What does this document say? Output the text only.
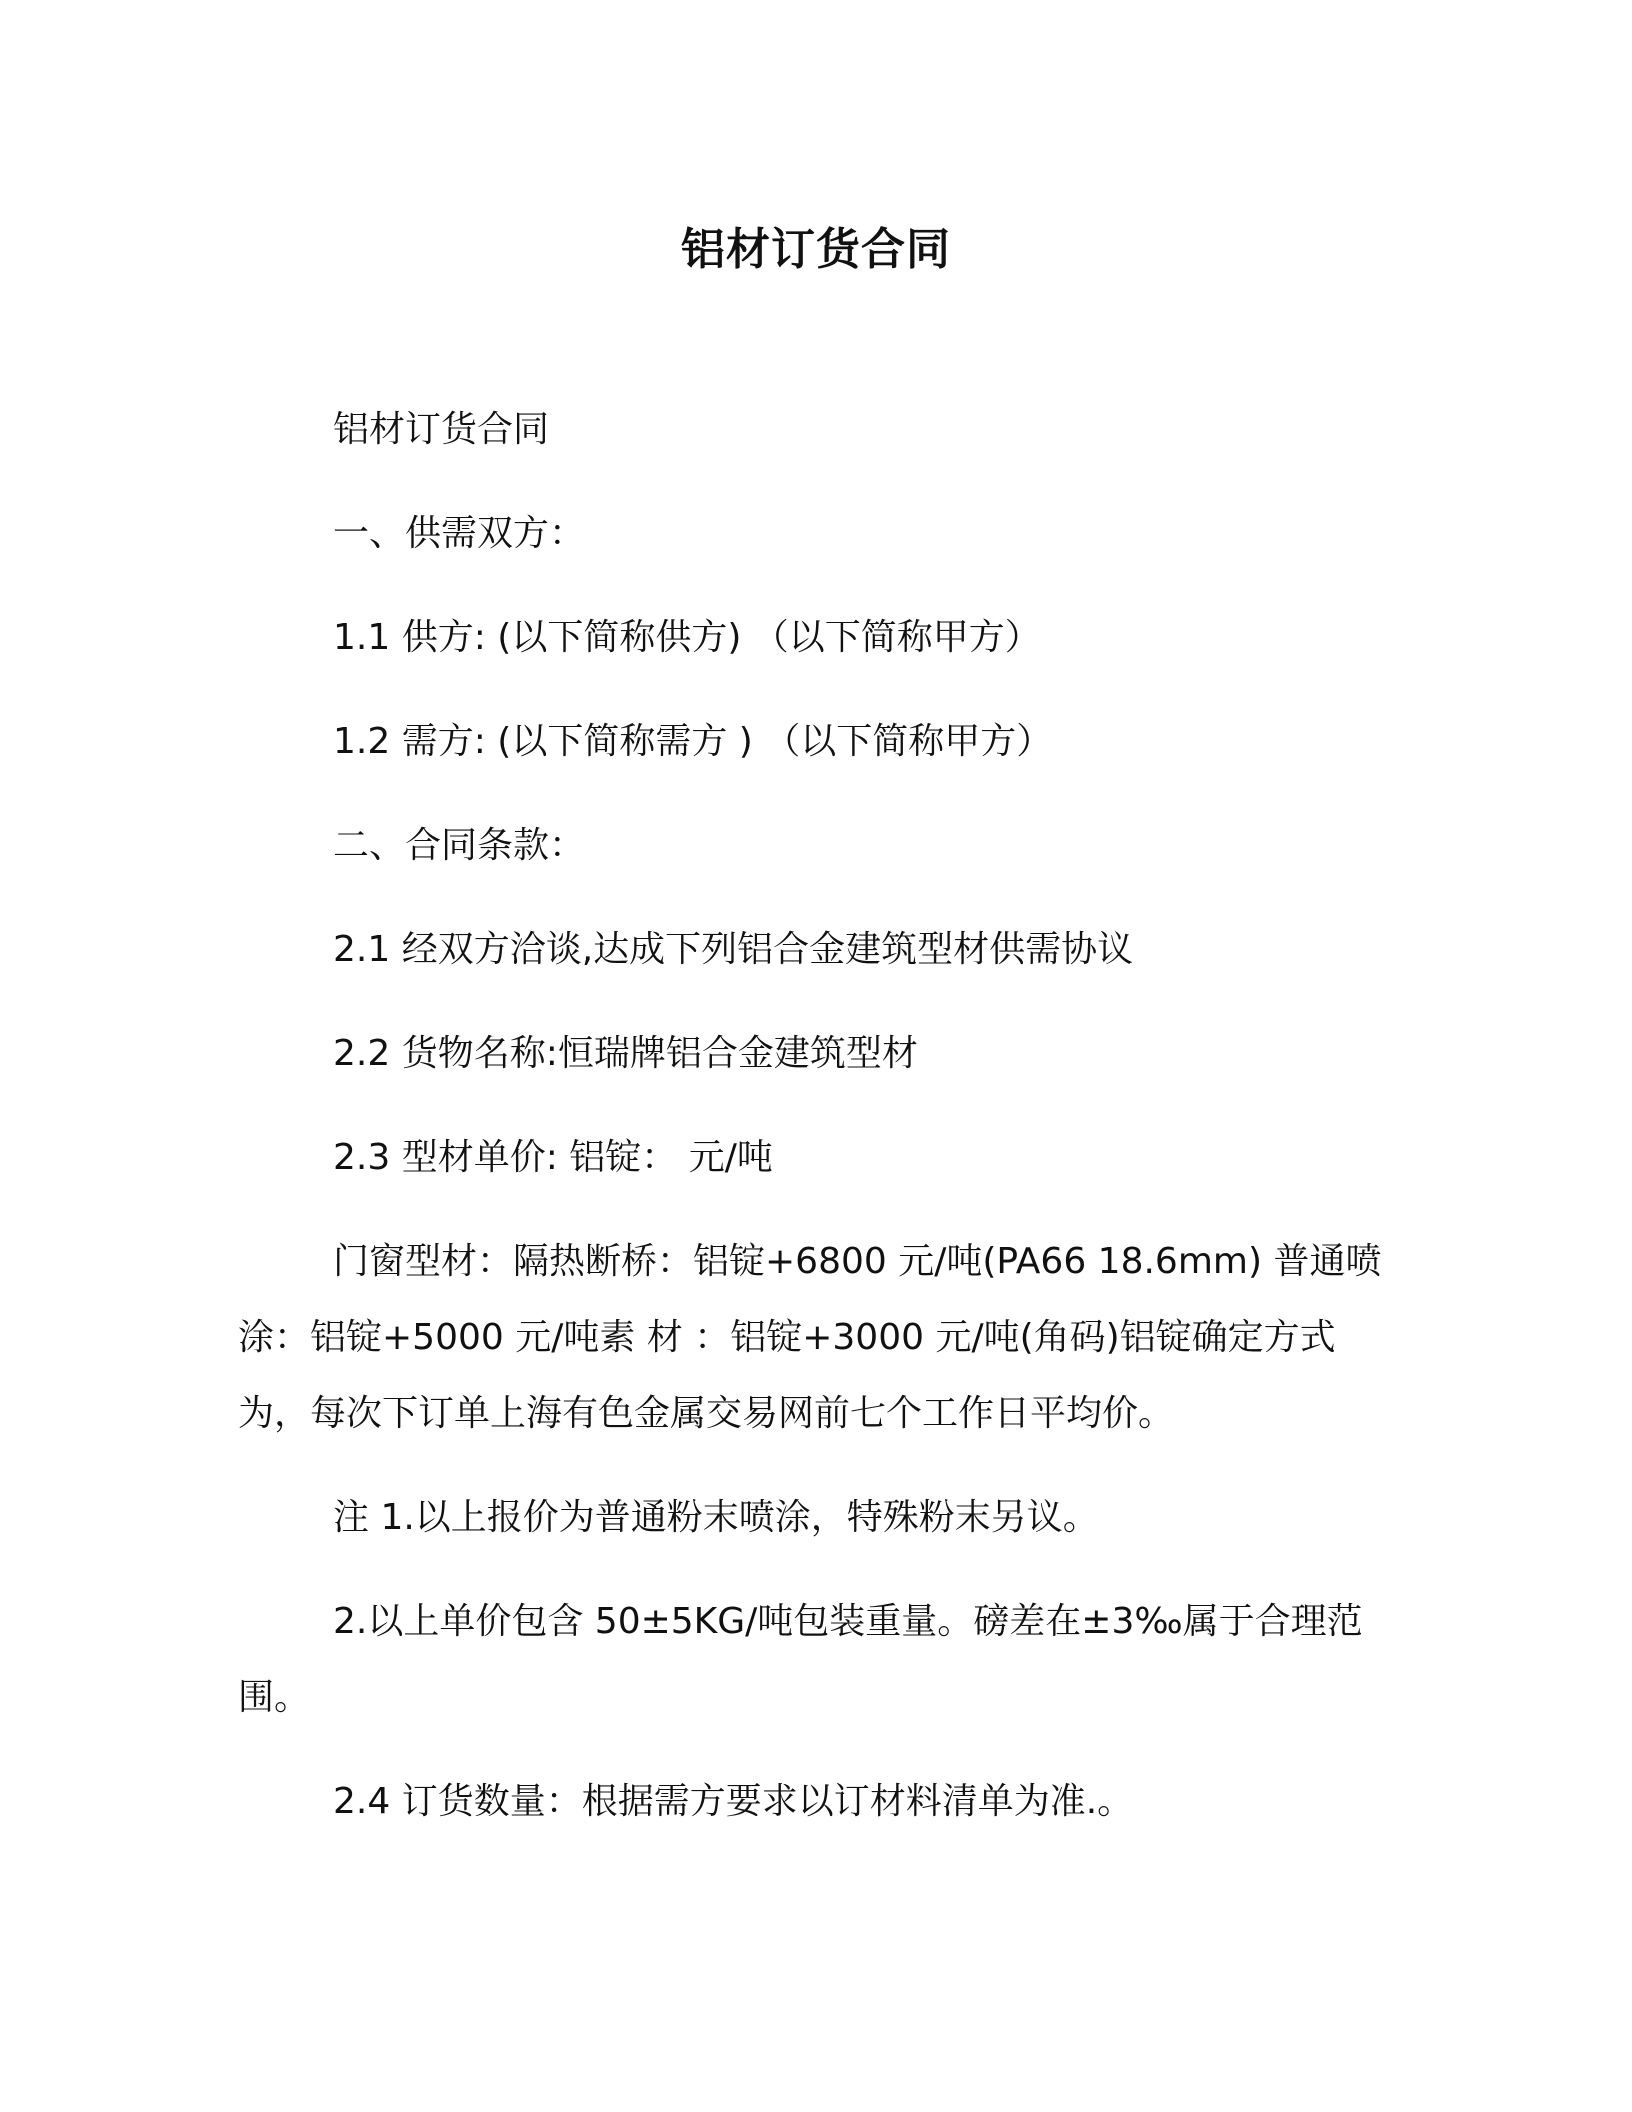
铝材订货合同

铝材订货合同

一、供需双方：

1.1 供方: (以下简称供方) （以下简称甲方）

1.2 需方: (以下简称需方 ) （以下简称甲方）

二、合同条款：

2.1 经双方洽谈,达成下列铝合金建筑型材供需协议

2.2 货物名称:恒瑞牌铝合金建筑型材

2.3 型材单价: 铝锭： 元/吨

门窗型材：隔热断桥：铝锭+6800 元/吨(PA66 18.6mm) 普通喷涂：铝锭+5000 元/吨素 材 ：铝锭+3000 元/吨(角码)铝锭确定方式为，每次下订单上海有色金属交易网前七个工作日平均价。

注 1.以上报价为普通粉末喷涂，特殊粉末另议。

2.以上单价包含 50±5KG/吨包装重量。磅差在±3‰属于合理范围。

2.4 订货数量：根据需方要求以订材料清单为准.。
